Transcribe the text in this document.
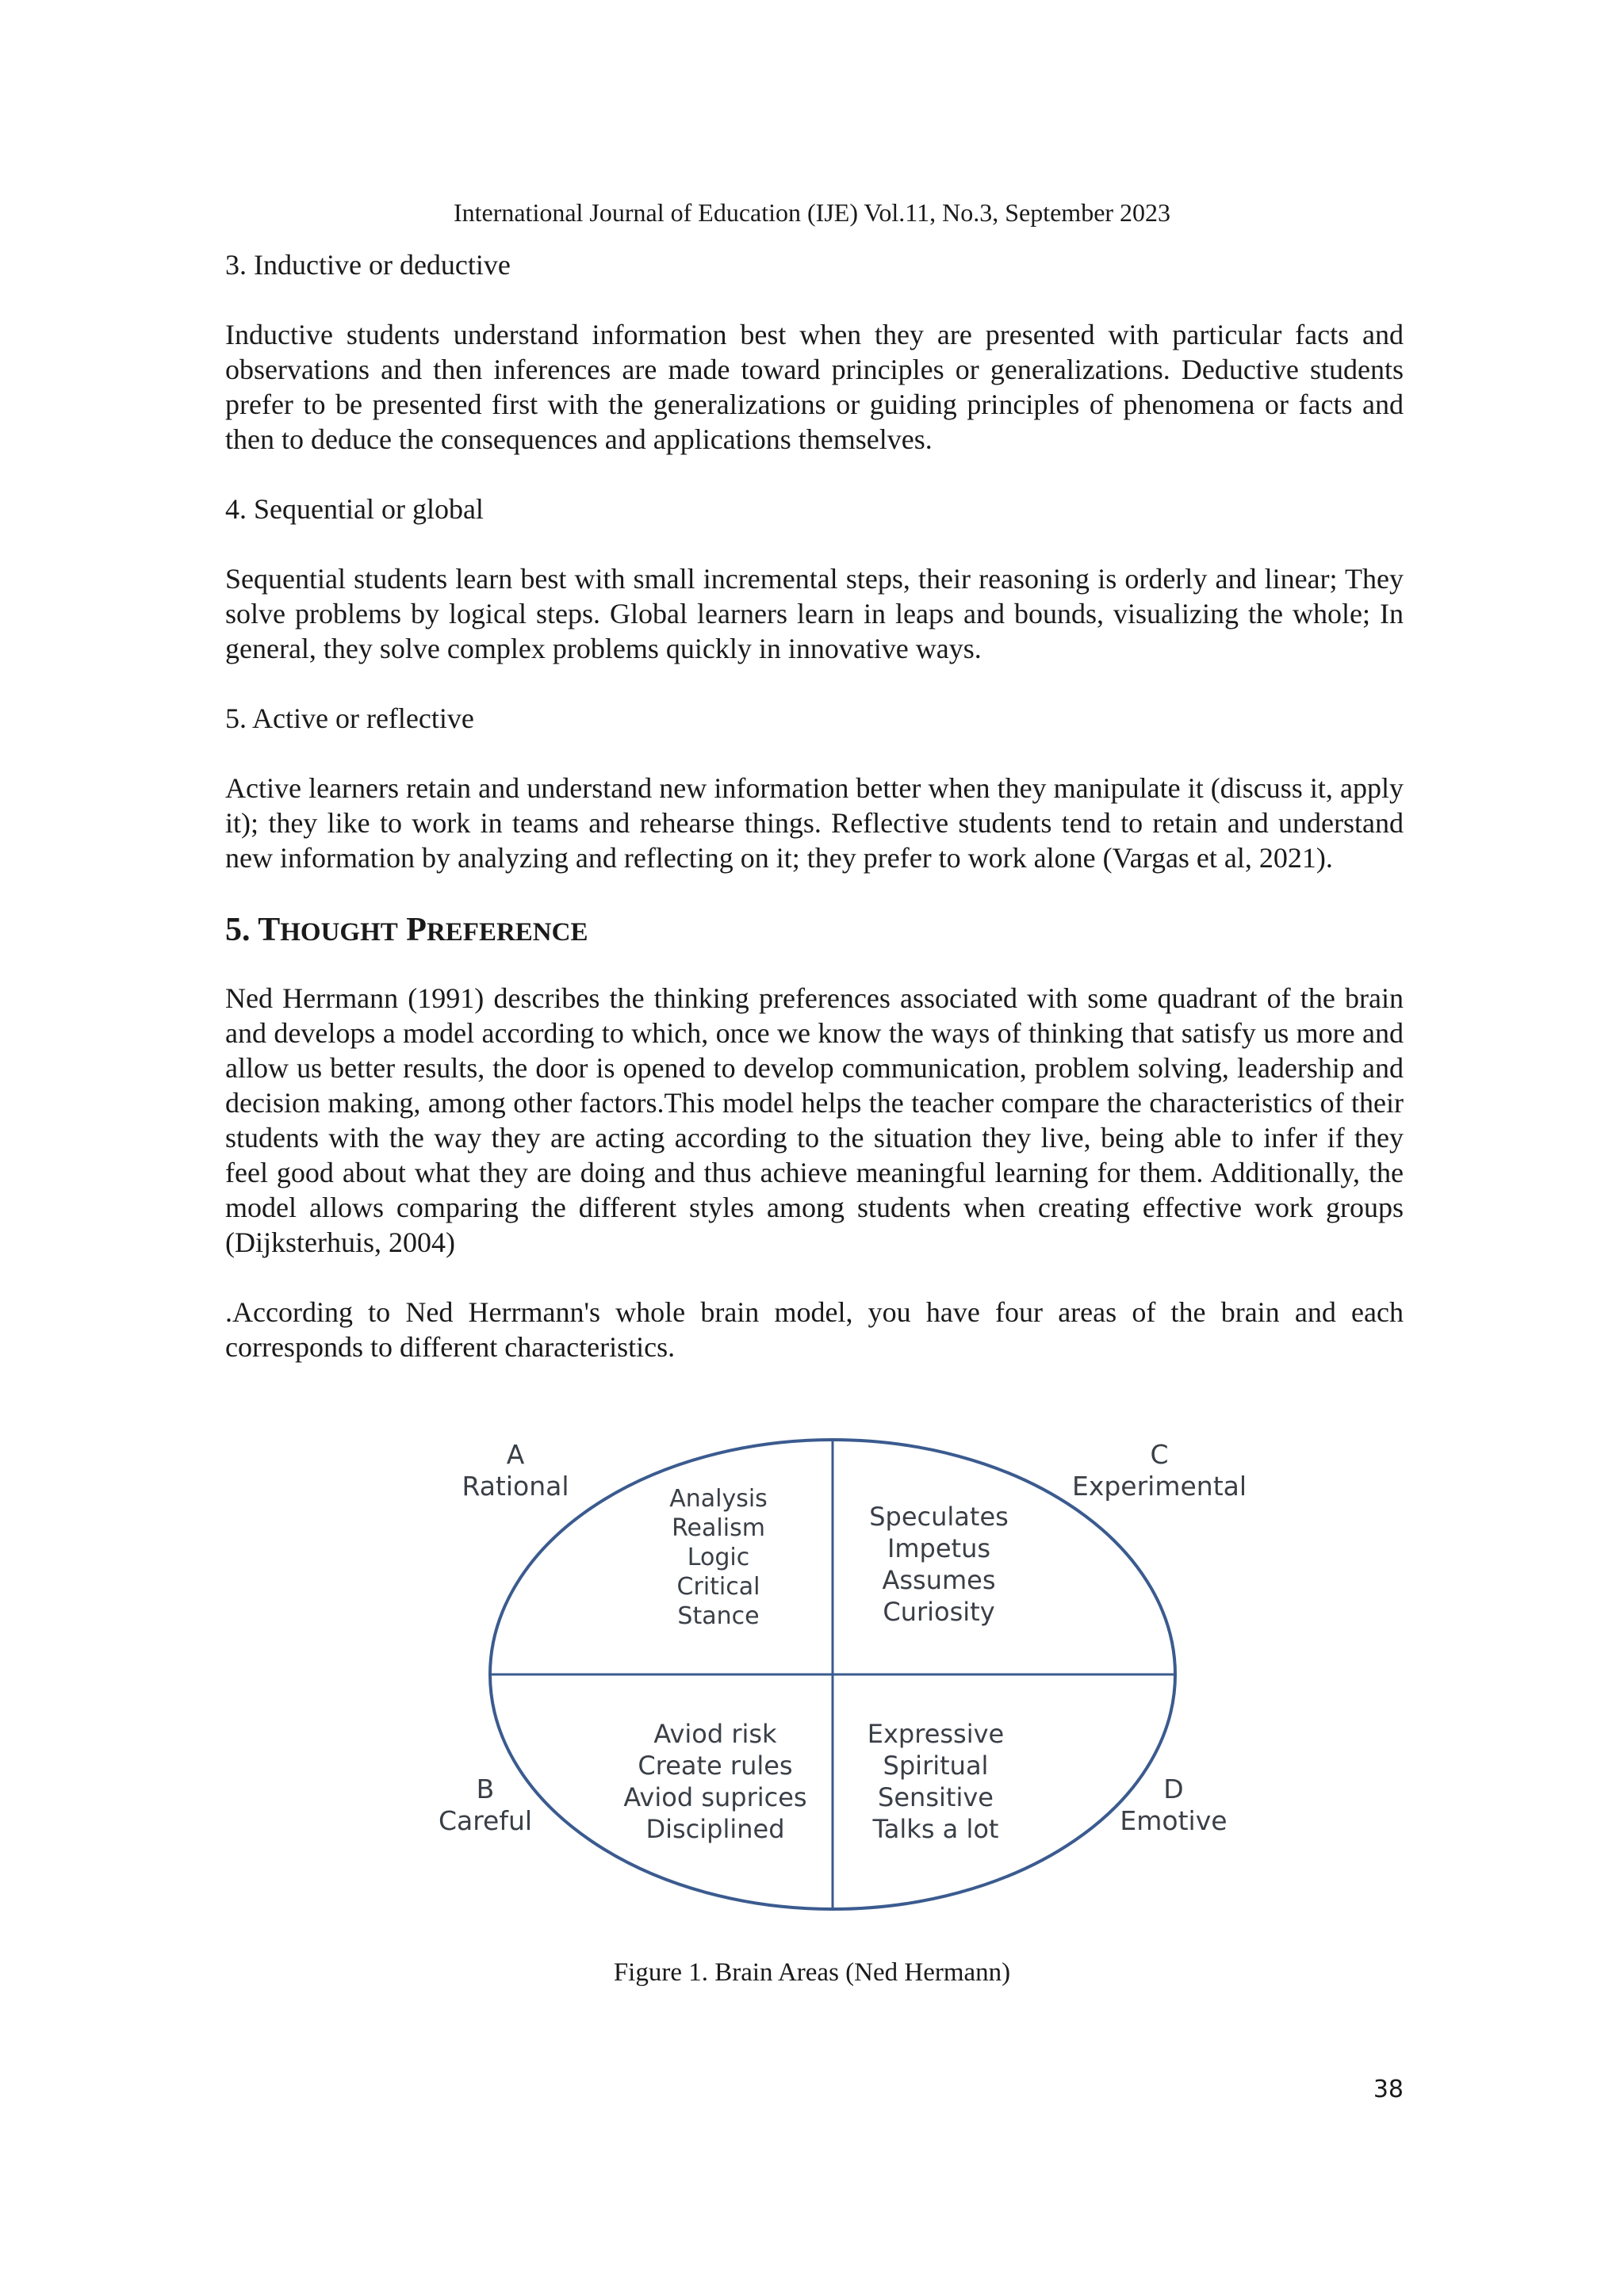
International Journal of Education (IJE) Vol.11, No.3, September 2023

3. Inductive or deductive

Inductive students understand information best when they are presented with particular facts and observations and then inferences are made toward principles or generalizations. Deductive students prefer to be presented first with the generalizations or guiding principles of phenomena or facts and then to deduce the consequences and applications themselves.

4. Sequential or global

Sequential students learn best with small incremental steps, their reasoning is orderly and linear; They solve problems by logical steps. Global learners learn in leaps and bounds, visualizing the whole; In general, they solve complex problems quickly in innovative ways.

5. Active or reflective

Active learners retain and understand new information better when they manipulate it (discuss it, apply it); they like to work in teams and rehearse things. Reflective students tend to retain and understand new information by analyzing and reflecting on it; they prefer to work alone (Vargas et al, 2021).

5. THOUGHT PREFERENCE

Ned Herrmann (1991) describes the thinking preferences associated with some quadrant of the brain and develops a model according to which, once we know the ways of thinking that satisfy us more and allow us better results, the door is opened to develop communication, problem solving, leadership and decision making, among other factors.This model helps the teacher compare the characteristics of their students with the way they are acting according to the situation they live, being able to infer if they feel good about what they are doing and thus achieve meaningful learning for them. Additionally, the model allows comparing the different styles among students when creating effective work groups (Dijksterhuis, 2004)

.According to Ned Herrmann's whole brain model, you have four areas of the brain and each corresponds to different characteristics.

A
Rational
C
Experimental
B
Careful
D
Emotive
Analysis
Realism
Logic
Critical
Stance
Speculates
Impetus
Assumes
Curiosity
Aviod risk
Create rules
Aviod suprices
Disciplined
Expressive
Spiritual
Sensitive
Talks a lot
Figure 1. Brain Areas (Ned Hermann)
38
